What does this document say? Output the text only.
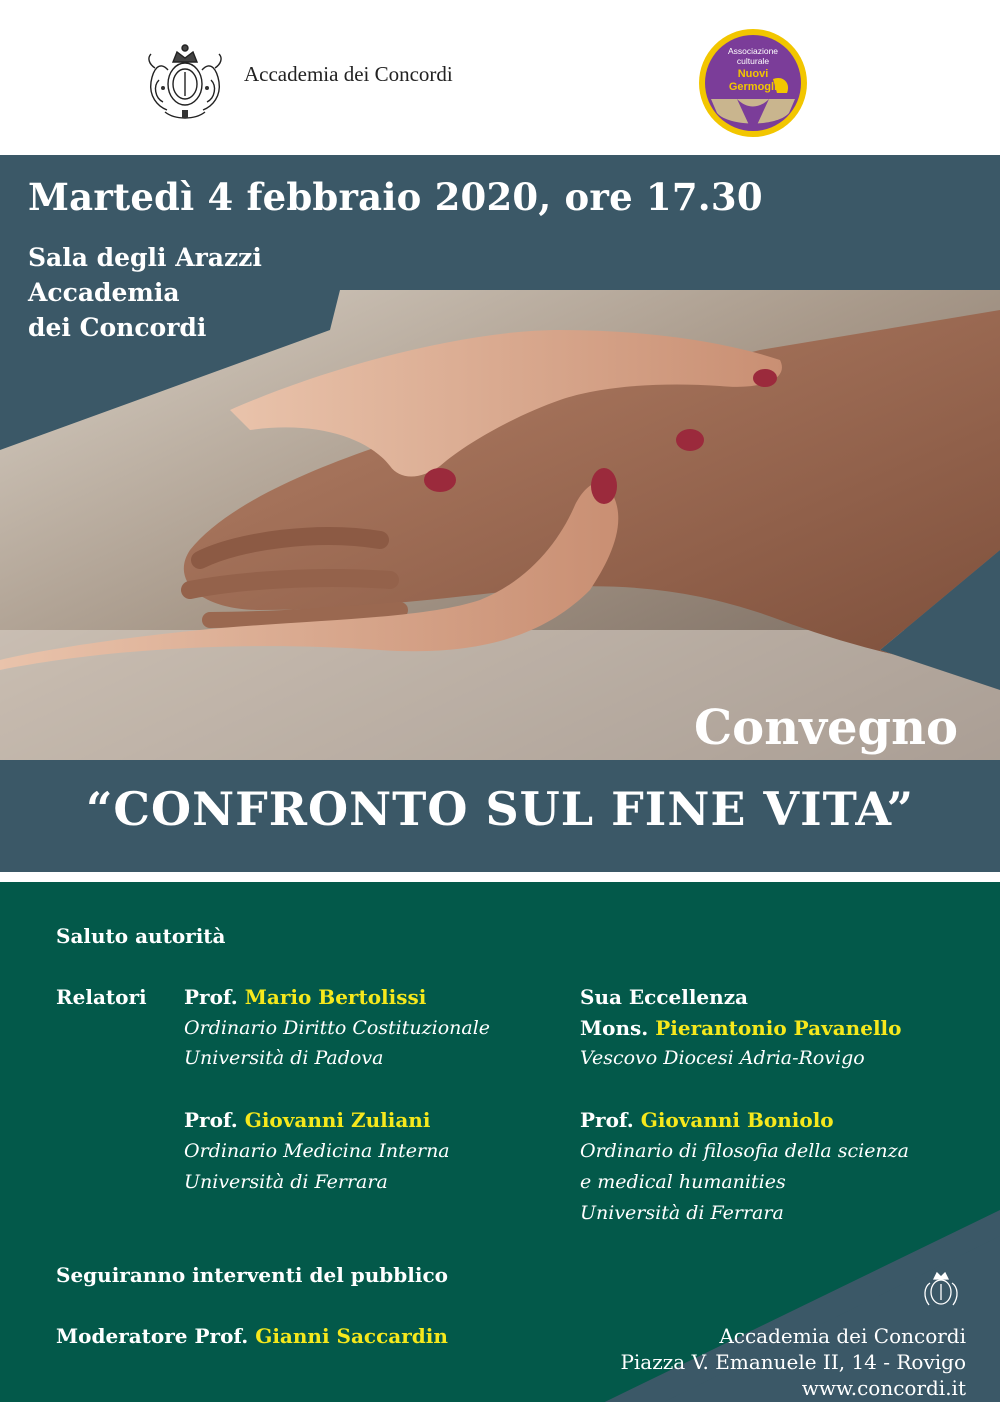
Accademia dei Concordi
Associazione
culturale
Nuovi
Germogli
Martedì 4 febbraio 2020, ore 17.30
Sala degli Arazzi
Accademia
dei Concordi
Convegno
“CONFRONTO SUL FINE VITA”
Saluto autorità
Relatori Prof. Mario Bertolissi
Ordinario Diritto Costituzionale
Università di Padova
Prof. Giovanni Zuliani
Ordinario Medicina Interna
Università di Ferrara
Sua Eccellenza
Mons. Pierantonio Pavanello
Vescovo Diocesi Adria-Rovigo
Prof. Giovanni Boniolo
Ordinario di filosofia della scienza
e medical humanities
Università di Ferrara
Seguiranno interventi del pubblico
Moderatore Prof. Gianni Saccardin	Accademia dei Concordi
Piazza V. Emanuele II, 14 - Rovigo
www.concordi.it
